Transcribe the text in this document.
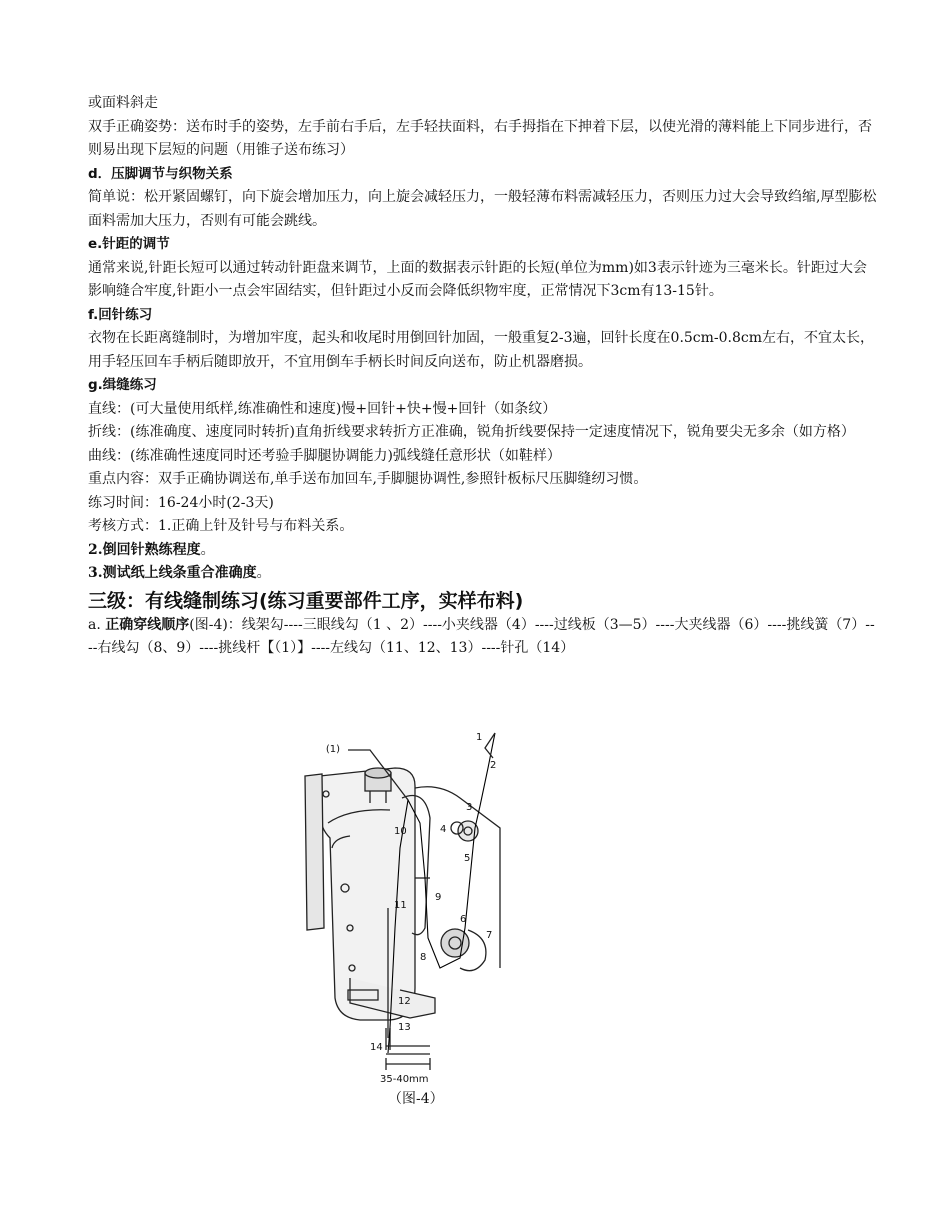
或面料斜走

双手正确姿势：送布时手的姿势，左手前右手后，左手轻扶面料，右手拇指在下抻着下层，以使光滑的薄料能上下同步进行，否则易出现下层短的问题（用锥子送布练习）

d．压脚调节与织物关系

简单说：松开紧固螺钉，向下旋会增加压力，向上旋会减轻压力，一般轻薄布料需减轻压力，否则压力过大会导致绉缩,厚型膨松面料需加大压力，否则有可能会跳线。

e.针距的调节

通常来说,针距长短可以通过转动针距盘来调节，上面的数据表示针距的长短(单位为mm)如3表示针迹为三毫米长。针距过大会影响缝合牢度,针距小一点会牢固结实，但针距过小反而会降低织物牢度，正常情况下3cm有13-15针。

f.回针练习

衣物在长距离缝制时，为增加牢度，起头和收尾时用倒回针加固，一般重复2-3遍，回针长度在0.5cm-0.8cm左右，不宜太长，用手轻压回车手柄后随即放开，不宜用倒车手柄长时间反向送布，防止机器磨损。

g.缉缝练习

直线：(可大量使用纸样,练准确性和速度)慢+回针+快+慢+回针（如条纹）

折线：(练准确度、速度同时转折)直角折线要求转折方正准确，锐角折线要保持一定速度情况下，锐角要尖无多余（如方格）

曲线：(练准确性速度同时还考验手脚腿协调能力)弧线缝任意形状（如鞋样）

重点内容：双手正确协调送布,单手送布加回车,手脚腿协调性,参照针板标尺压脚缝纫习惯。

练习时间：16-24小时(2-3天)

考核方式：1.正确上针及针号与布料关系。

2.倒回针熟练程度。

3.测试纸上线条重合准确度。

三级：有线缝制练习(练习重要部件工序，实样布料)

a. 正确穿线顺序(图-4)：线架勾----三眼线勾（1 、2）----小夹线器（4）----过线板（3—5）----大夹线器（6）----挑线簧（7）----右线勾（8、9）----挑线杆【（1）】----左线勾（11、12、13）----针孔（14）

(1)
1
2
3
4
5
10
11
9
6
7
8
12
13
14
35-40mm
（图-4）
